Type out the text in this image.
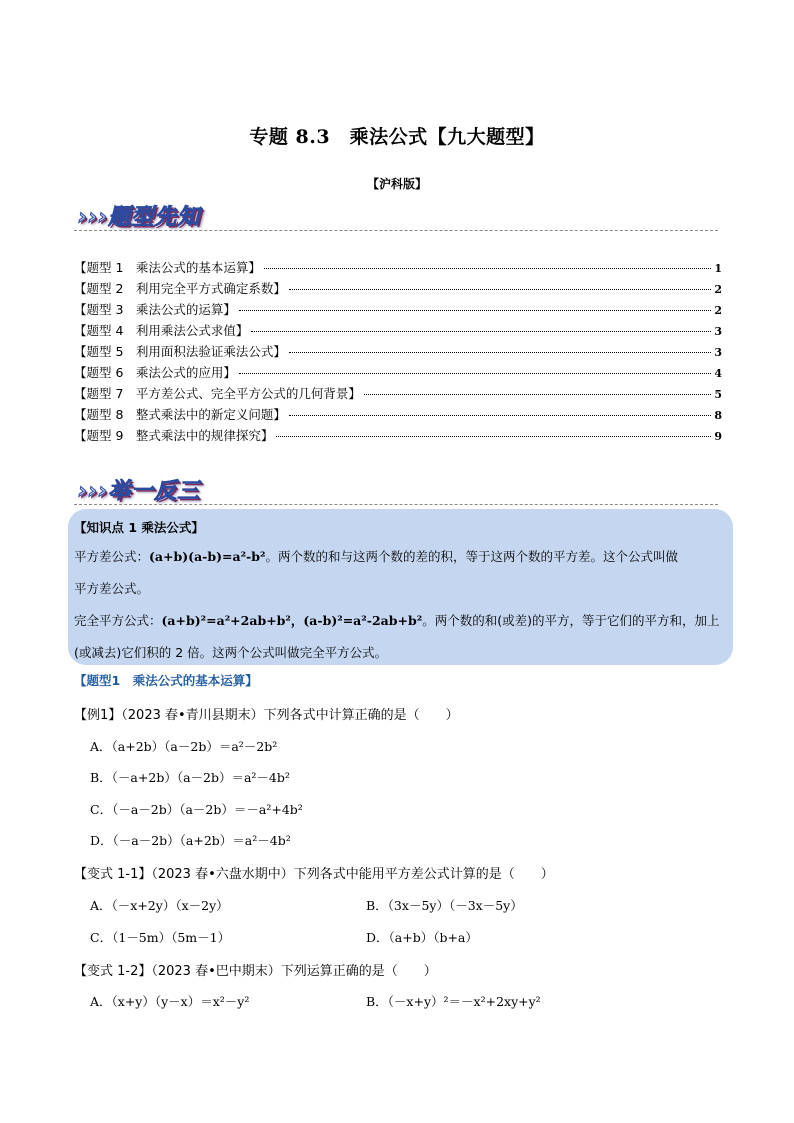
专题 8.3　乘法公式【九大题型】
【沪科版】
›››题型先知
【题型 1　乘法公式的基本运算】	1
【题型 2　利用完全平方式确定系数】	2
【题型 3　乘法公式的运算】	2
【题型 4　利用乘法公式求值】	3
【题型 5　利用面积法验证乘法公式】	3
【题型 6　乘法公式的应用】	4
【题型 7　平方差公式、完全平方公式的几何背景】	5
【题型 8　整式乘法中的新定义问题】	8
【题型 9　整式乘法中的规律探究】	9
›››举一反三
【知识点 1 乘法公式】
平方差公式：(a+b)(a-b)=a²-b²。两个数的和与这两个数的差的积，等于这两个数的平方差。这个公式叫做
平方差公式。
完全平方公式：(a+b)²=a²+2ab+b²，(a-b)²=a²-2ab+b²。两个数的和(或差)的平方，等于它们的平方和，加上
(或减去)它们积的 2 倍。这两个公式叫做完全平方公式。
【题型1　乘法公式的基本运算】
【例1】（2023 春•青川县期末）下列各式中计算正确的是（　　）
A．（a+2b）（a－2b）＝a²－2b²
B．（－a+2b）（a－2b）＝a²－4b²
C．（－a－2b）（a－2b）＝－a²+4b²
D．（－a－2b）（a+2b）＝a²－4b²
【变式 1-1】（2023 春•六盘水期中）下列各式中能用平方差公式计算的是（　　）
A．（－x+2y）（x－2y）	B．（3x－5y）（－3x－5y）
C．（1－5m）（5m－1）	D．（a+b）（b+a）
【变式 1-2】（2023 春•巴中期末）下列运算正确的是（　　）
A．（x+y）（y－x）＝x²－y²	B．（－x+y）²＝－x²+2xy+y²
